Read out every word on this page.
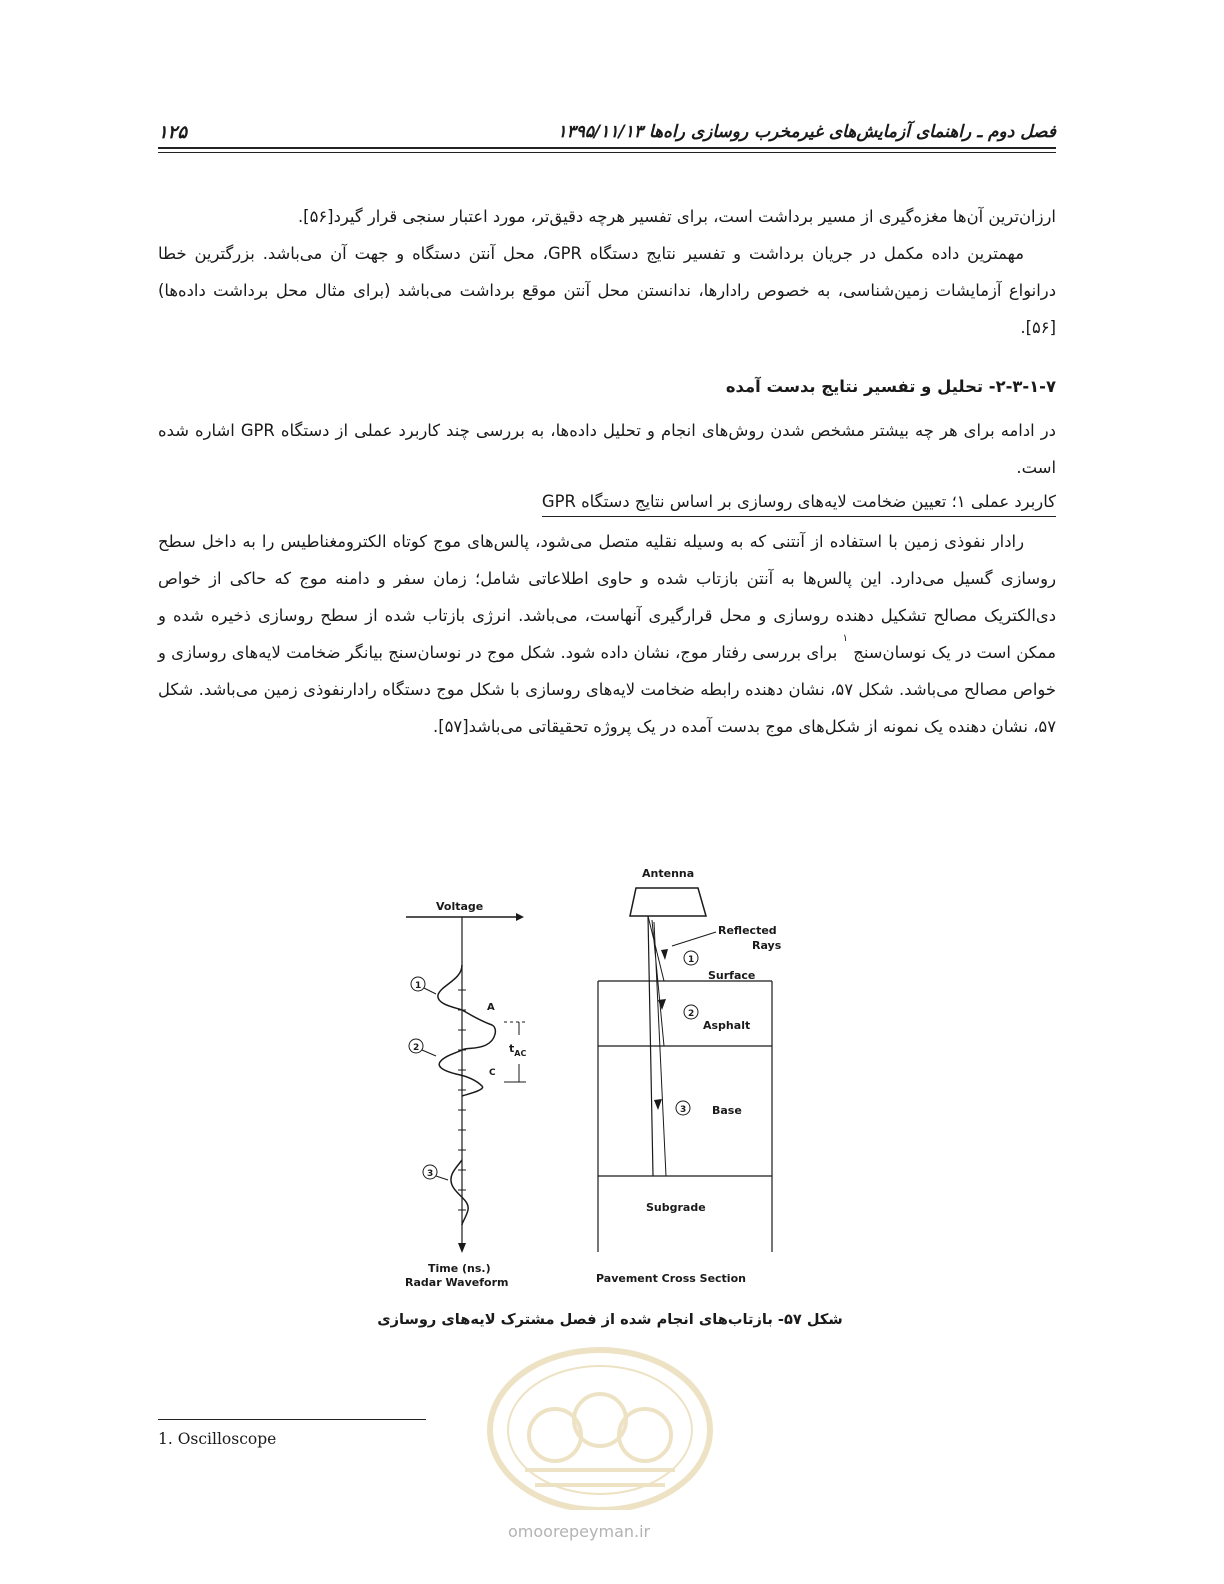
فصل دوم ـ راهنمای آزمایش‌های غیرمخرب روسازی راه‌ها ۱۳۹۵/۱۱/۱۳
۱۲۵

ارزان‌ترین آن‌ها مغزه‌گیری از مسیر برداشت است، برای تفسیر هرچه دقیق‌تر، مورد اعتبار سنجی قرار گیرد[۵۶].

مهمترین داده مکمل در جریان برداشت و تفسیر نتایج دستگاه GPR، محل آنتن دستگاه و جهت آن می‌باشد. بزرگترین خطا درانواع آزمایشات زمین‌شناسی، به خصوص رادارها، ندانستن محل آنتن موقع برداشت می‌باشد (برای مثال محل برداشت داده‌ها) [۵۶].

۲-۳-۱-۷- تحلیل و تفسیر نتایج بدست آمده

در ادامه برای هر چه بیشتر مشخص شدن روش‌های انجام و تحلیل داده‌ها، به بررسی چند کاربرد عملی از دستگاه GPR اشاره شده است.

کاربرد عملی ۱؛ تعیین ضخامت لایه‌های روسازی بر اساس نتایج دستگاه GPR

رادار نفوذی زمین با استفاده از آنتنی که به وسیله نقلیه متصل می‌شود، پالس‌های موج کوتاه الکترومغناطیس را به داخل سطح روسازی گسیل می‌دارد. این پالس‌ها به آنتن بازتاب شده و حاوی اطلاعاتی شامل؛ زمان سفر و دامنه موج که حاکی از خواص دی‌الکتریک مصالح تشکیل دهنده روسازی و محل قرارگیری آنهاست، می‌باشد. انرژی بازتاب شده از سطح روسازی ذخیره شده و ممکن است در یک نوسان‌سنج $^۱$ برای بررسی رفتار موج، نشان داده شود. شکل موج در نوسان‌سنج بیانگر ضخامت لایه‌های روسازی و خواص مصالح می‌باشد. شکل ۵۷، نشان دهنده رابطه ضخامت لایه‌های روسازی با شکل موج دستگاه رادارنفوذی زمین می‌باشد. شکل ۵۷، نشان دهنده یک نمونه از شکل‌های موج بدست آمده در یک پروژه تحقیقاتی می‌باشد[۵۷].

Voltage
1
2
3
A
C
$t_{AC}$
Time (ns.)
Radar Waveform
Antenna
Reflected
Rays
1
Surface
2
Asphalt
3 Base
Subgrade
Pavement Cross Section
شکل ۵۷- بازتاب‌های انجام شده از فصل مشترک لایه‌های روسازی
1. Oscilloscope
omoorepeyman.ir
